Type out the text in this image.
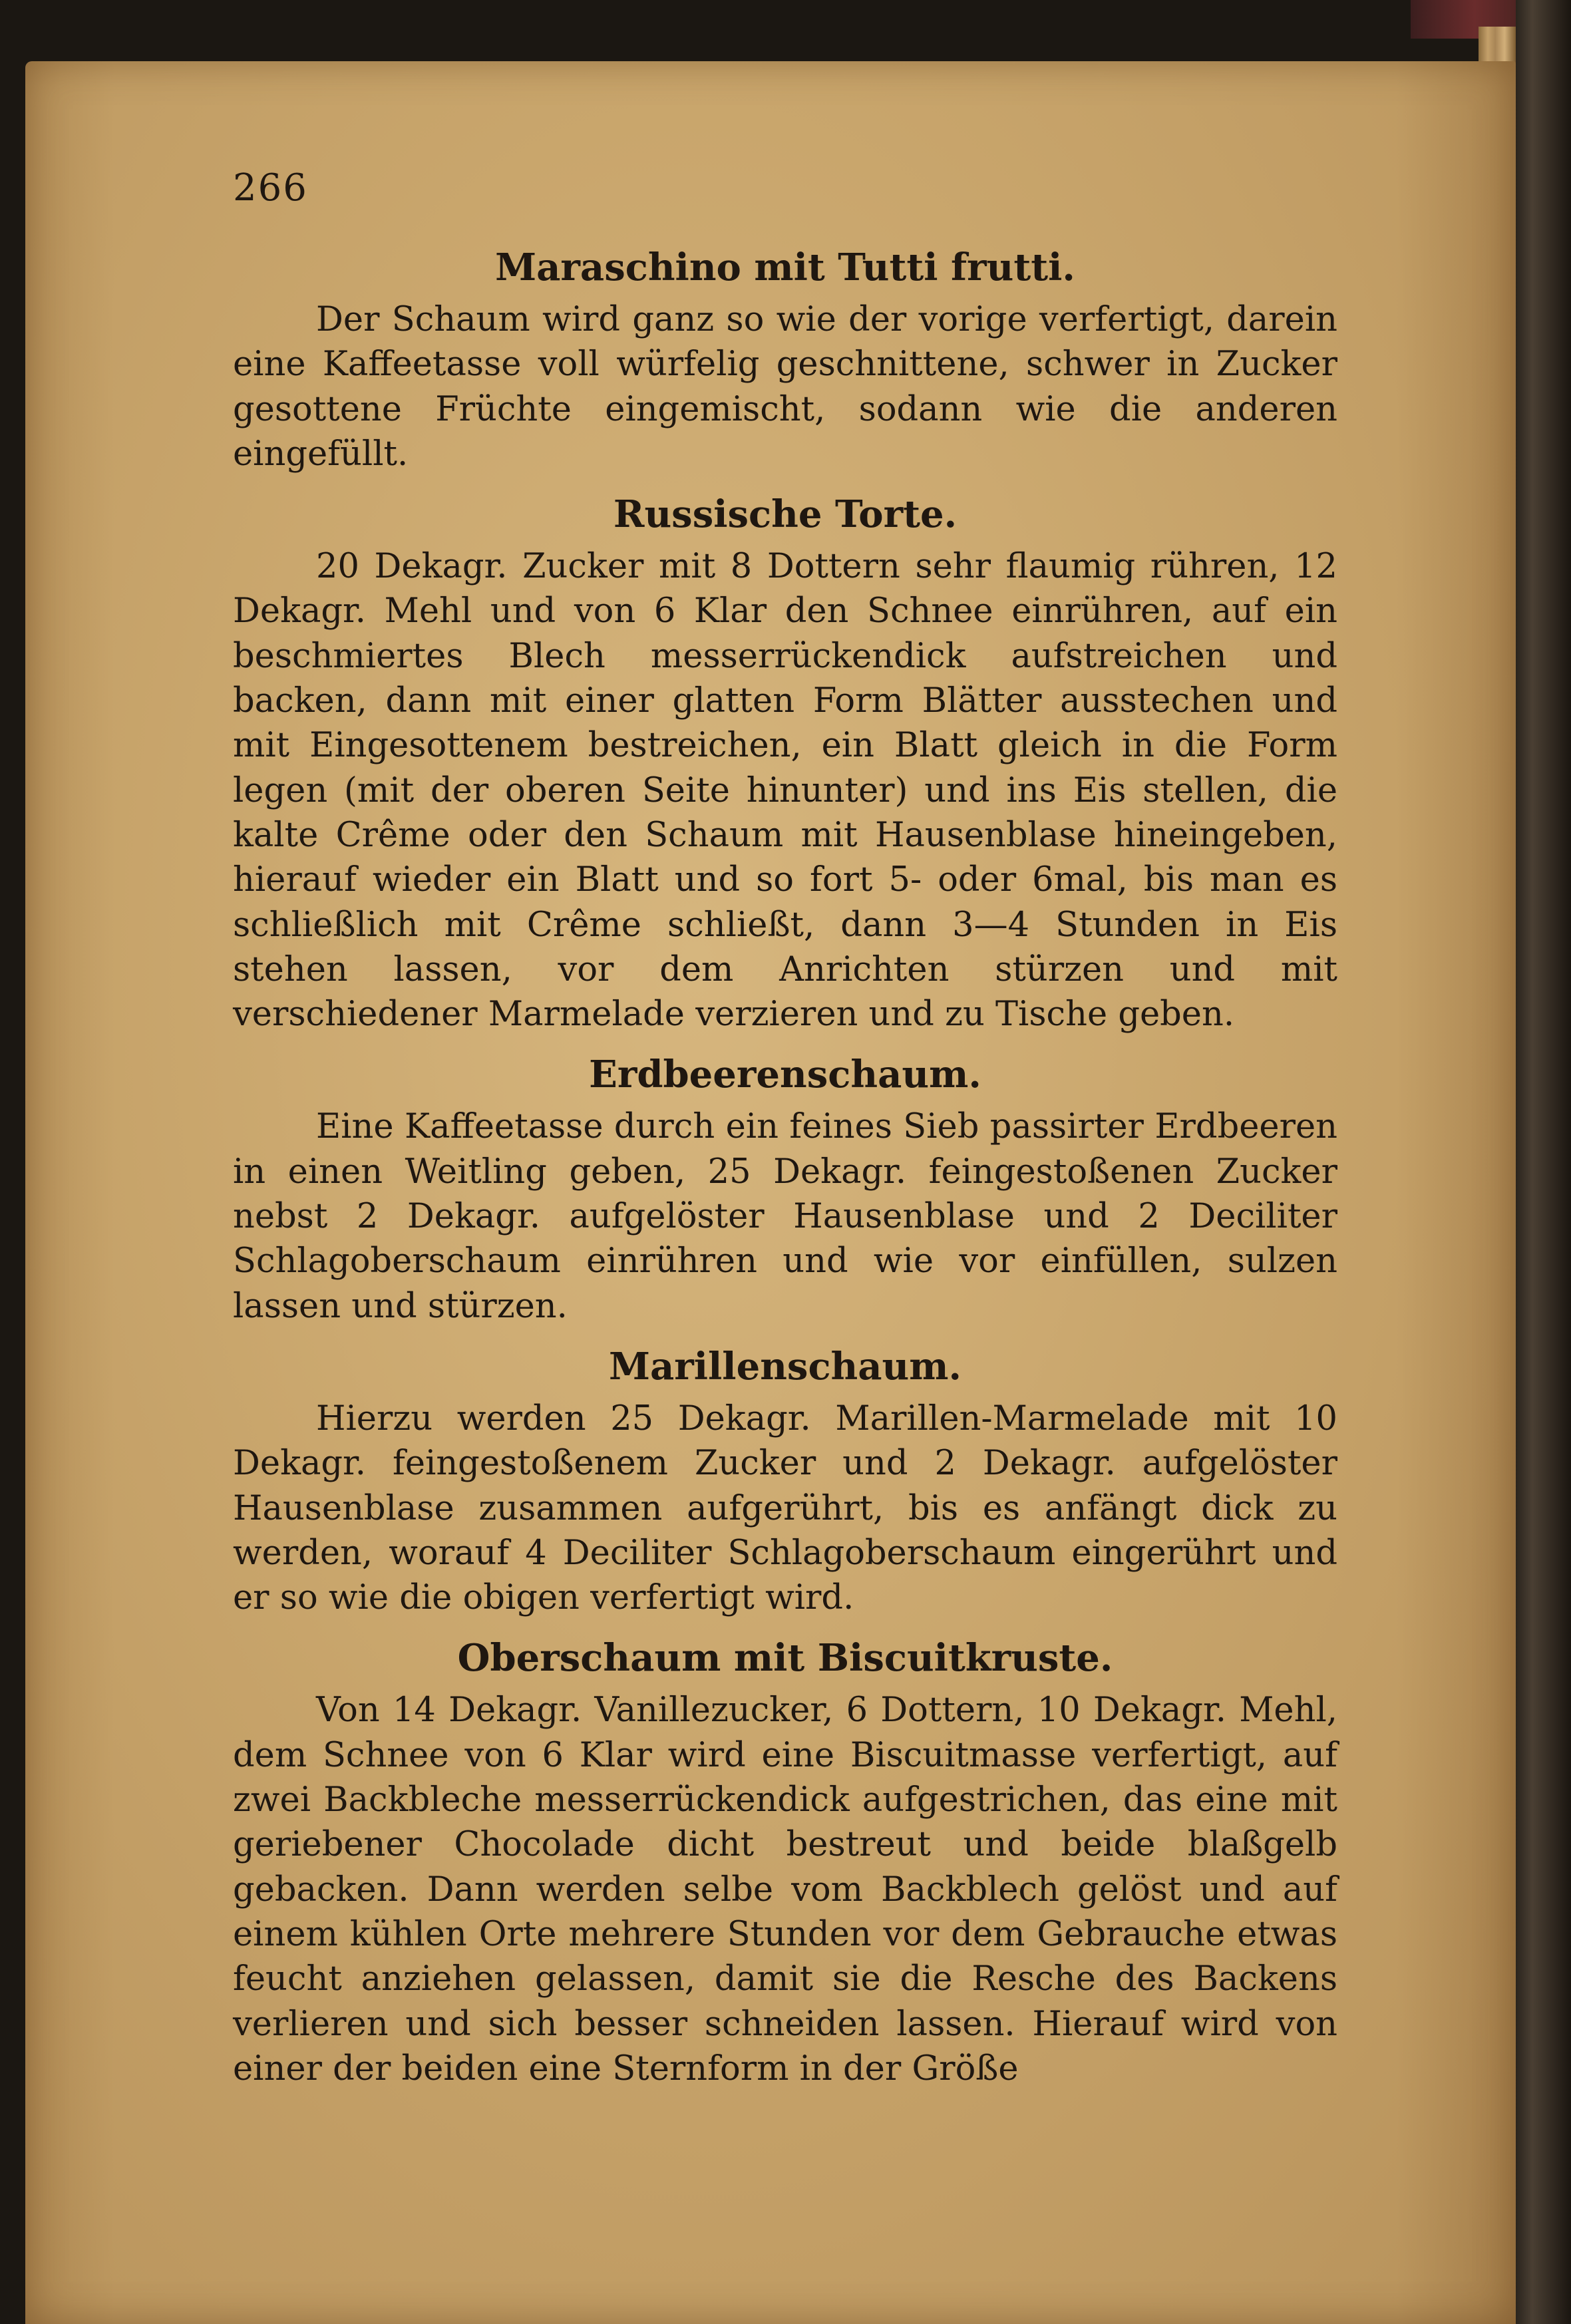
266
Maraschino mit Tutti frutti.

Der Schaum wird ganz so wie der vorige verfertigt, darein eine Kaffeetasse voll würfelig geschnittene, schwer in Zucker gesottene Früchte eingemischt, sodann wie die anderen eingefüllt.

Russische Torte.

20 Dekagr. Zucker mit 8 Dottern sehr flaumig rühren, 12 Dekagr. Mehl und von 6 Klar den Schnee einrühren, auf ein beschmiertes Blech messerrückendick aufstreichen und backen, dann mit einer glatten Form Blätter ausstechen und mit Eingesottenem bestreichen, ein Blatt gleich in die Form legen (mit der oberen Seite hinunter) und ins Eis stellen, die kalte Crême oder den Schaum mit Hausenblase hineingeben, hierauf wieder ein Blatt und so fort 5- oder 6mal, bis man es schließlich mit Crême schließt, dann 3—4 Stunden in Eis stehen lassen, vor dem Anrichten stürzen und mit verschiedener Marmelade verzieren und zu Tische geben.

Erdbeerenschaum.

Eine Kaffeetasse durch ein feines Sieb passirter Erdbeeren in einen Weitling geben, 25 Dekagr. feingestoßenen Zucker nebst 2 Dekagr. aufgelöster Hausenblase und 2 Deciliter Schlagoberschaum einrühren und wie vor einfüllen, sulzen lassen und stürzen.

Marillenschaum.

Hierzu werden 25 Dekagr. Marillen-Marmelade mit 10 Dekagr. feingestoßenem Zucker und 2 Dekagr. aufgelöster Hausenblase zusammen aufgerührt, bis es anfängt dick zu werden, worauf 4 Deciliter Schlagoberschaum eingerührt und er so wie die obigen verfertigt wird.

Oberschaum mit Biscuitkruste.

Von 14 Dekagr. Vanillezucker, 6 Dottern, 10 Dekagr. Mehl, dem Schnee von 6 Klar wird eine Biscuitmasse verfertigt, auf zwei Backbleche messerrückendick aufgestrichen, das eine mit geriebener Chocolade dicht bestreut und beide blaßgelb gebacken. Dann werden selbe vom Backblech gelöst und auf einem kühlen Orte mehrere Stunden vor dem Gebrauche etwas feucht anziehen gelassen, damit sie die Resche des Backens verlieren und sich besser schneiden lassen. Hierauf wird von einer der beiden eine Sternform in der Größe
